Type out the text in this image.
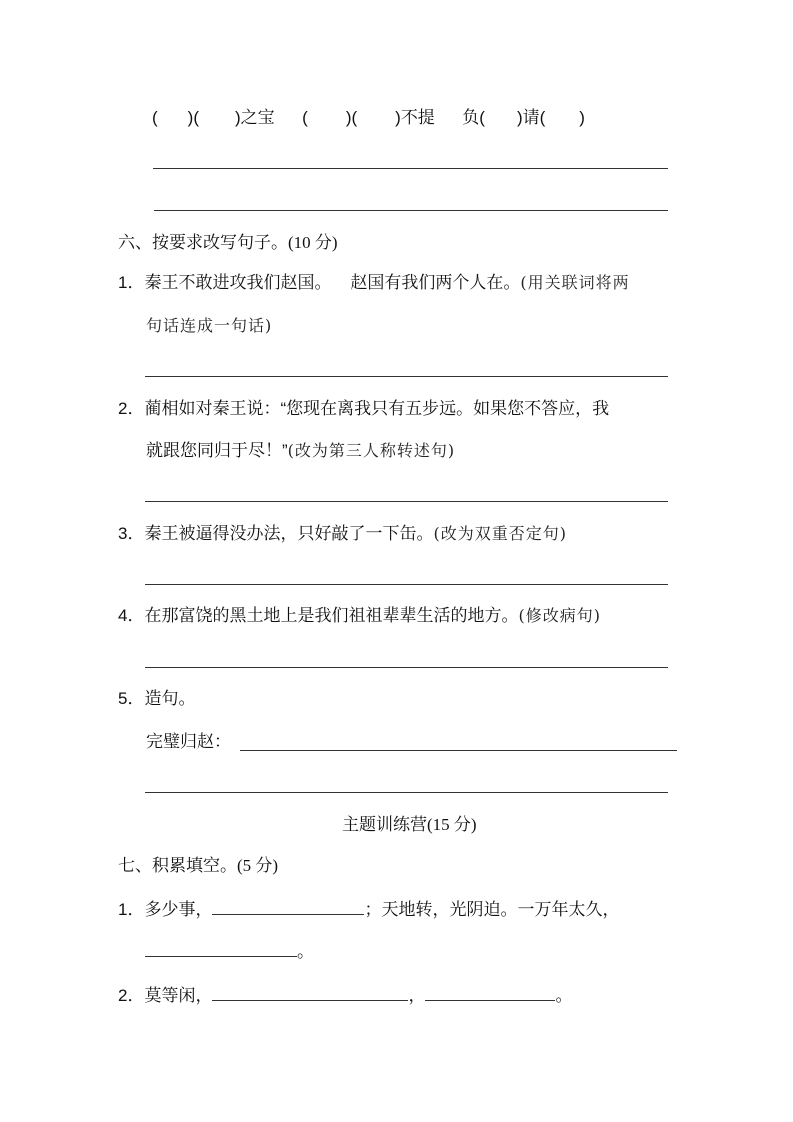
( )( )之宝 ( )( )不提 负( )请( )
六、按要求改写句子。(10 分)
1．秦王不敢进攻我们赵国。    赵国有我们两个人在。(用关联词将两
句话连成一句话)
2．蔺相如对秦王说：“您现在离我只有五步远。如果您不答应，我
就跟您同归于尽！”(改为第三人称转述句)
3．秦王被逼得没办法，只好敲了一下缶。(改为双重否定句)
4．在那富饶的黑土地上是我们祖祖辈辈生活的地方。(修改病句)
5．造句。
完璧归赵：
主题训练营(15 分)
七、积累填空。(5 分)
1．多少事，	；天地转，光阴迫。一万年太久，
。
2．莫等闲，	，	。
